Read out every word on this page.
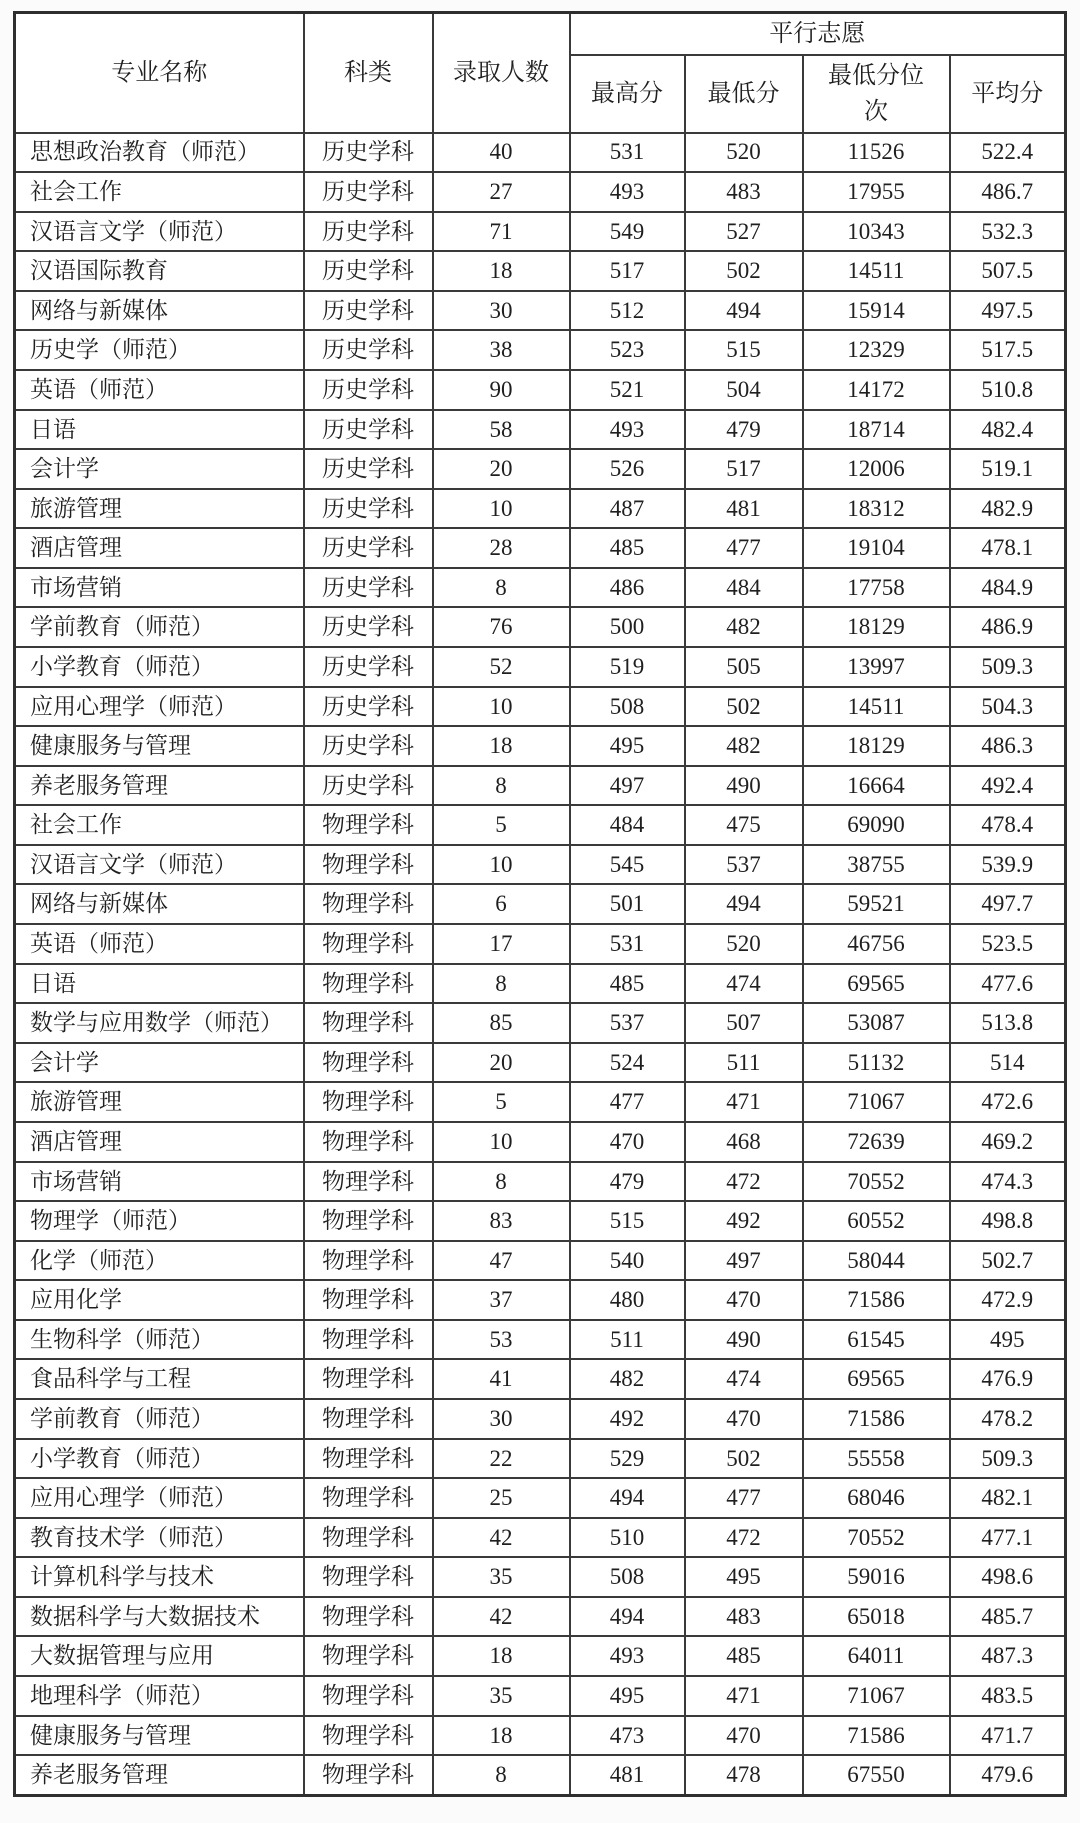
专业名称	科类	录取人数	平行志愿			
			最高分	最低分	最低分位次	平均分
思想政治教育（师范）	历史学科	40	531	520	11526	522.4
社会工作	历史学科	27	493	483	17955	486.7
汉语言文学（师范）	历史学科	71	549	527	10343	532.3
汉语国际教育	历史学科	18	517	502	14511	507.5
网络与新媒体	历史学科	30	512	494	15914	497.5
历史学（师范）	历史学科	38	523	515	12329	517.5
英语（师范）	历史学科	90	521	504	14172	510.8
日语	历史学科	58	493	479	18714	482.4
会计学	历史学科	20	526	517	12006	519.1
旅游管理	历史学科	10	487	481	18312	482.9
酒店管理	历史学科	28	485	477	19104	478.1
市场营销	历史学科	8	486	484	17758	484.9
学前教育（师范）	历史学科	76	500	482	18129	486.9
小学教育（师范）	历史学科	52	519	505	13997	509.3
应用心理学（师范）	历史学科	10	508	502	14511	504.3
健康服务与管理	历史学科	18	495	482	18129	486.3
养老服务管理	历史学科	8	497	490	16664	492.4
社会工作	物理学科	5	484	475	69090	478.4
汉语言文学（师范）	物理学科	10	545	537	38755	539.9
网络与新媒体	物理学科	6	501	494	59521	497.7
英语（师范）	物理学科	17	531	520	46756	523.5
日语	物理学科	8	485	474	69565	477.6
数学与应用数学（师范）	物理学科	85	537	507	53087	513.8
会计学	物理学科	20	524	511	51132	514
旅游管理	物理学科	5	477	471	71067	472.6
酒店管理	物理学科	10	470	468	72639	469.2
市场营销	物理学科	8	479	472	70552	474.3
物理学（师范）	物理学科	83	515	492	60552	498.8
化学（师范）	物理学科	47	540	497	58044	502.7
应用化学	物理学科	37	480	470	71586	472.9
生物科学（师范）	物理学科	53	511	490	61545	495
食品科学与工程	物理学科	41	482	474	69565	476.9
学前教育（师范）	物理学科	30	492	470	71586	478.2
小学教育（师范）	物理学科	22	529	502	55558	509.3
应用心理学（师范）	物理学科	25	494	477	68046	482.1
教育技术学（师范）	物理学科	42	510	472	70552	477.1
计算机科学与技术	物理学科	35	508	495	59016	498.6
数据科学与大数据技术	物理学科	42	494	483	65018	485.7
大数据管理与应用	物理学科	18	493	485	64011	487.3
地理科学（师范）	物理学科	35	495	471	71067	483.5
健康服务与管理	物理学科	18	473	470	71586	471.7
养老服务管理	物理学科	8	481	478	67550	479.6
